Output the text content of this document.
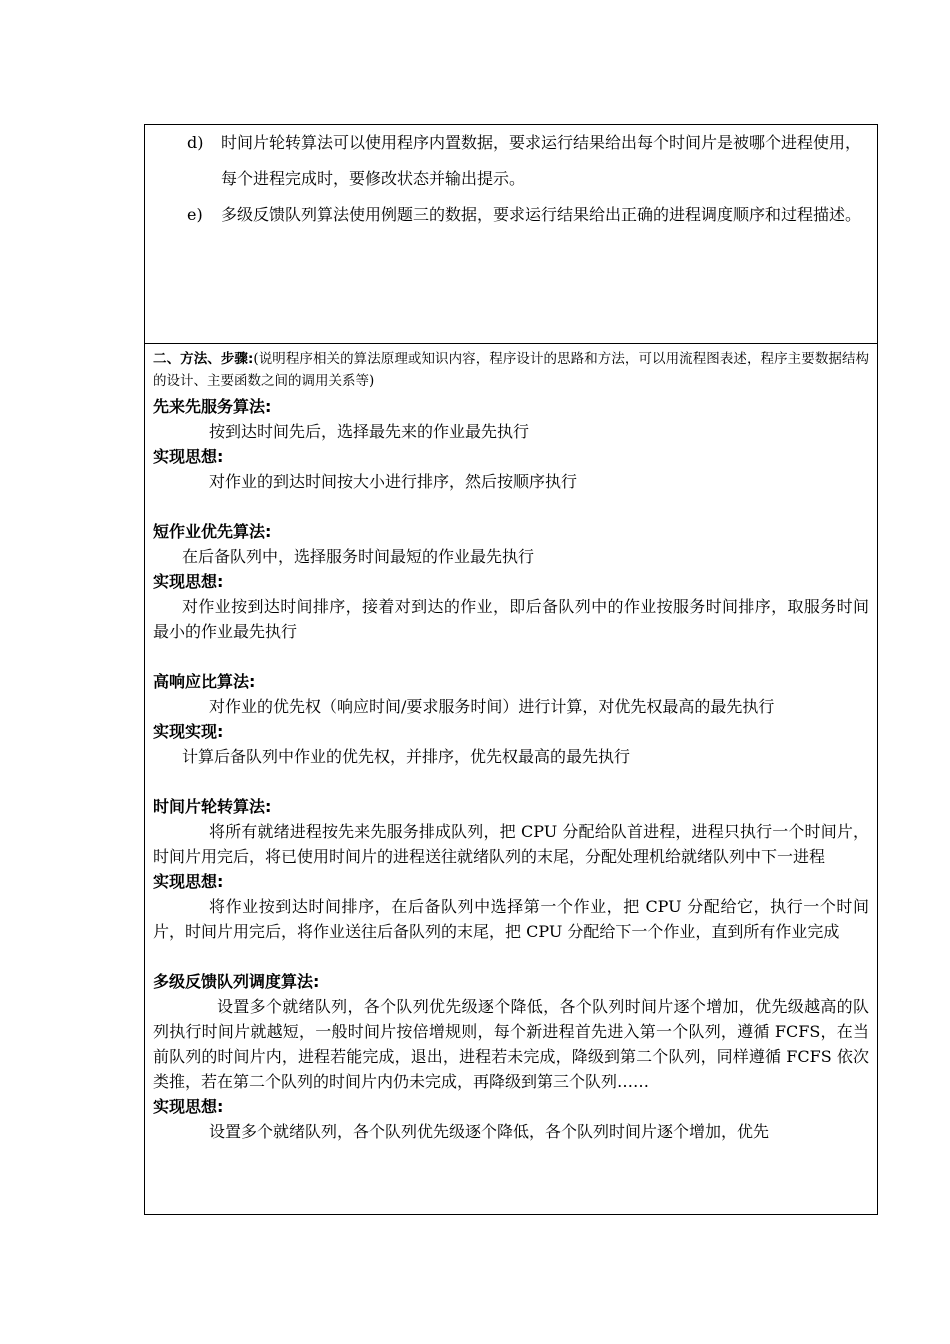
d) 时间片轮转算法可以使用程序内置数据，要求运行结果给出每个时间片是被哪个进程使用，每个进程完成时，要修改状态并输出提示。
e) 多级反馈队列算法使用例题三的数据，要求运行结果给出正确的进程调度顺序和过程描述。
二、方法、步骤:(说明程序相关的算法原理或知识内容，程序设计的思路和方法，可以用流程图表述，程序主要数据结构的设计、主要函数之间的调用关系等)
先来先服务算法:
按到达时间先后，选择最先来的作业最先执行
实现思想:
对作业的到达时间按大小进行排序，然后按顺序执行
短作业优先算法:
在后备队列中，选择服务时间最短的作业最先执行
实现思想:
对作业按到达时间排序，接着对到达的作业，即后备队列中的作业按服务时间排序，取服务时间最小的作业最先执行
高响应比算法:
对作业的优先权（响应时间/要求服务时间）进行计算，对优先权最高的最先执行
实现实现:
计算后备队列中作业的优先权，并排序，优先权最高的最先执行
时间片轮转算法:
将所有就绪进程按先来先服务排成队列，把 CPU 分配给队首进程，进程只执行一个时间片，时间片用完后，将已使用时间片的进程送往就绪队列的末尾，分配处理机给就绪队列中下一进程
实现思想:
将作业按到达时间排序，在后备队列中选择第一个作业，把 CPU 分配给它，执行一个时间片，时间片用完后，将作业送往后备队列的末尾，把 CPU 分配给下一个作业，直到所有作业完成
多级反馈队列调度算法:
设置多个就绪队列，各个队列优先级逐个降低，各个队列时间片逐个增加，优先级越高的队列执行时间片就越短，一般时间片按倍增规则，每个新进程首先进入第一个队列，遵循 FCFS，在当前队列的时间片内，进程若能完成，退出，进程若未完成，降级到第二个队列，同样遵循 FCFS 依次类推，若在第二个队列的时间片内仍未完成，再降级到第三个队列……
实现思想:
设置多个就绪队列，各个队列优先级逐个降低，各个队列时间片逐个增加，优先
